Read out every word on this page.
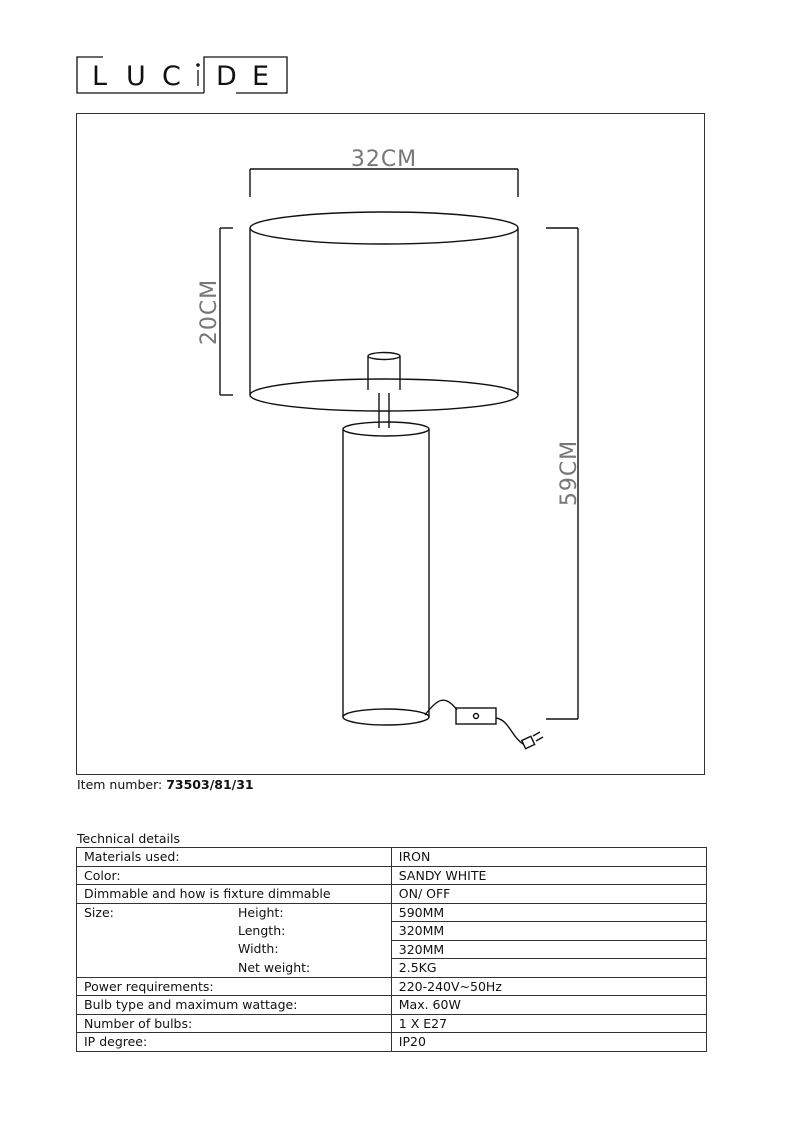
L U C D E
32CM
20CM
59CM
Item number: 73503/81/31
Technical details
Materials used:	IRON
Color:	SANDY WHITE
Dimmable and how is fixture dimmable	ON/ OFF
Size: Height:	590MM

Length:	320MM

Width:	320MM

Net weight:	2.5KG
Power requirements:	220-240V~50Hz
Bulb type and maximum wattage:	Max. 60W
Number of bulbs:	1 X E27
IP degree:	IP20
